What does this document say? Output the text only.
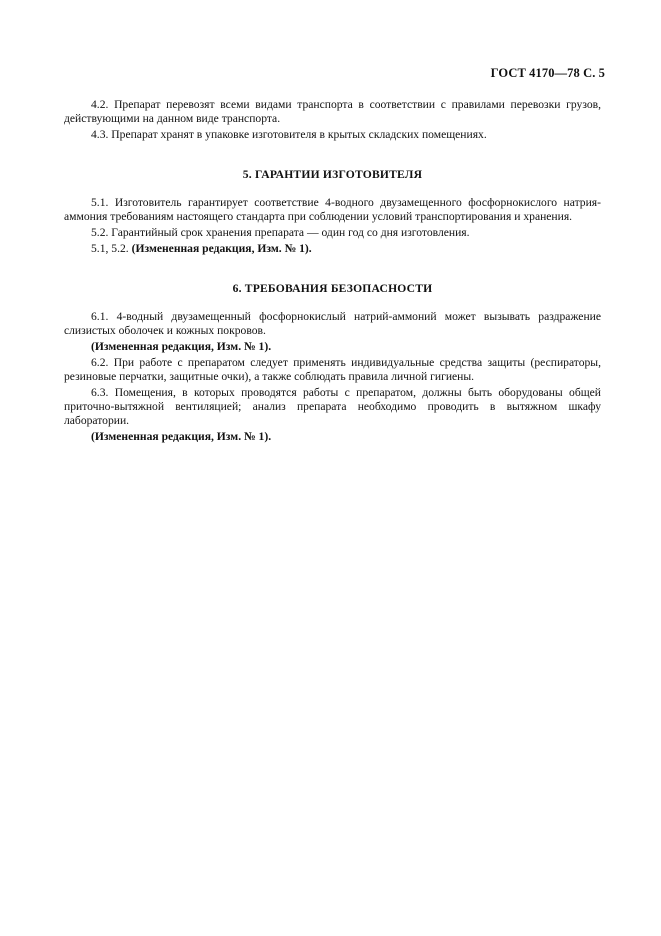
ГОСТ 4170—78 С. 5

4.2. Препарат перевозят всеми видами транспорта в соответствии с правилами перевозки грузов, действующими на данном виде транспорта.

4.3. Препарат хранят в упаковке изготовителя в крытых складских помещениях.

5. ГАРАНТИИ ИЗГОТОВИТЕЛЯ

5.1. Изготовитель гарантирует соответствие 4-водного двузамещенного фосфорнокислого натрия-аммония требованиям настоящего стандарта при соблюдении условий транспортирования и хранения.

5.2. Гарантийный срок хранения препарата — один год со дня изготовления.

5.1, 5.2. (Измененная редакция, Изм. № 1).

6. ТРЕБОВАНИЯ БЕЗОПАСНОСТИ

6.1. 4-водный двузамещенный фосфорнокислый натрий-аммоний может вызывать раздражение слизистых оболочек и кожных покровов.

(Измененная редакция, Изм. № 1).

6.2. При работе с препаратом следует применять индивидуальные средства защиты (респираторы, резиновые перчатки, защитные очки), а также соблюдать правила личной гигиены.

6.3. Помещения, в которых проводятся работы с препаратом, должны быть оборудованы общей приточно-вытяжной вентиляцией; анализ препарата необходимо проводить в вытяжном шкафу лаборатории.

(Измененная редакция, Изм. № 1).
